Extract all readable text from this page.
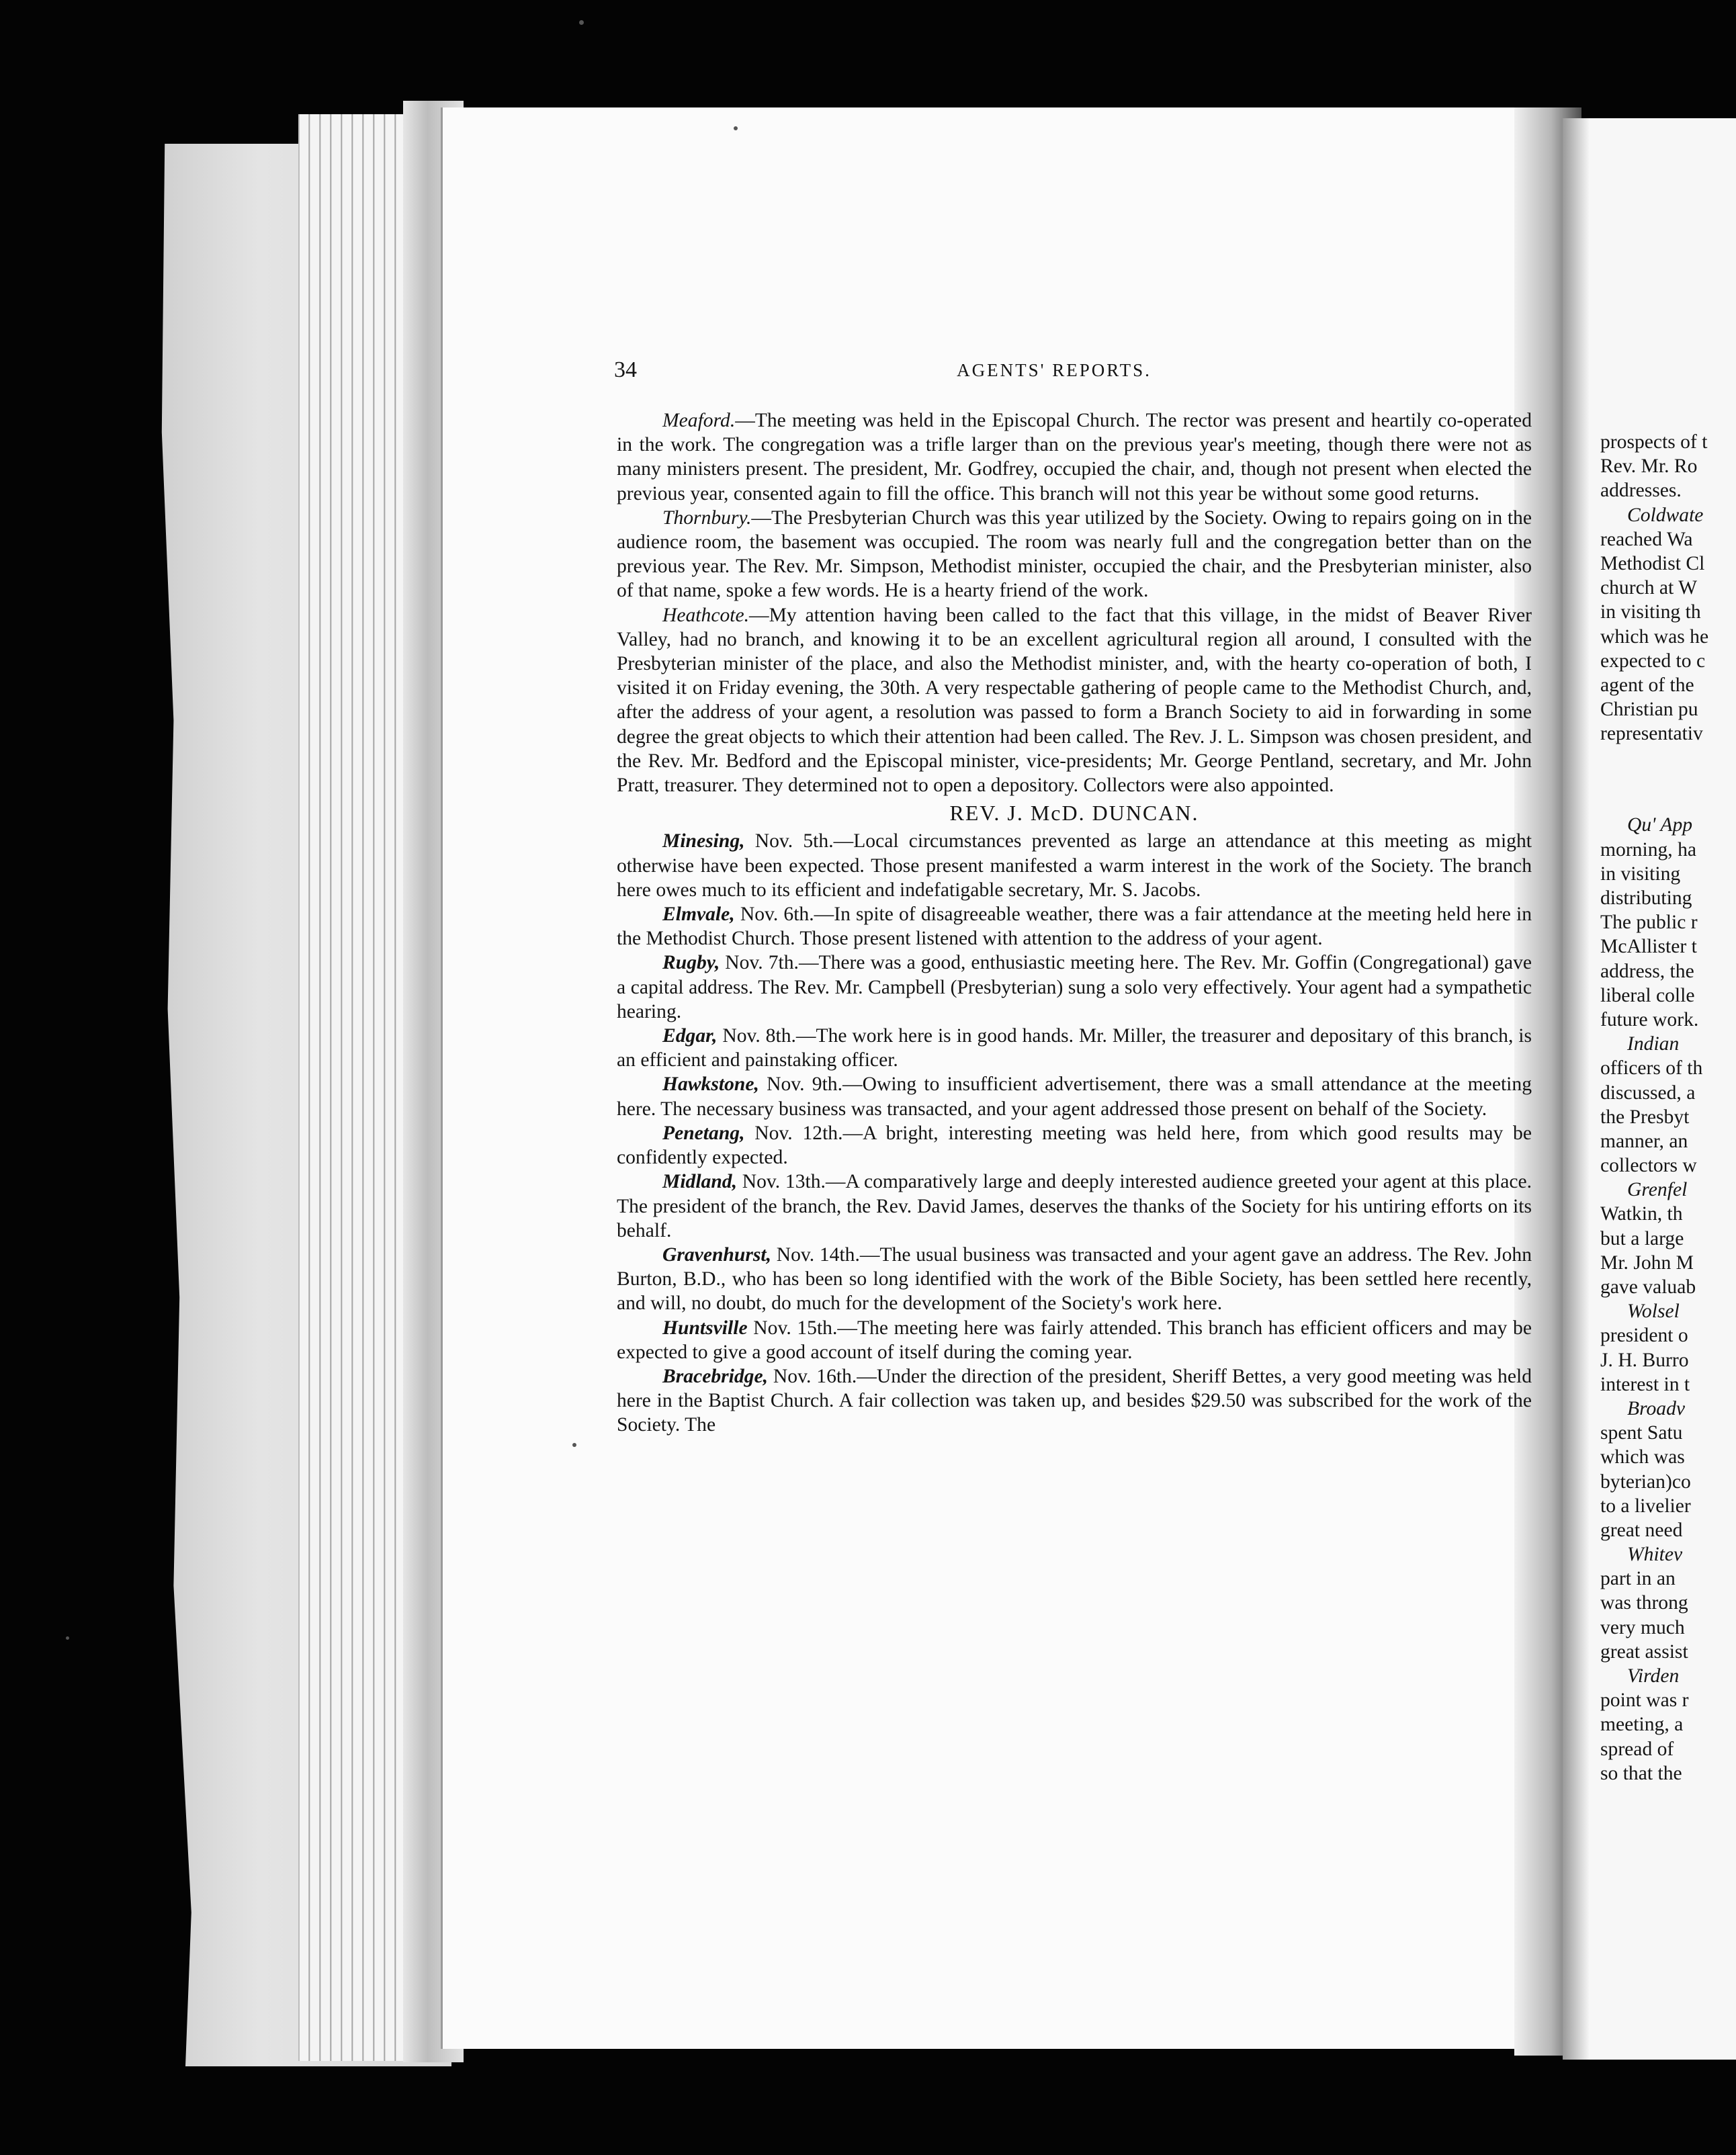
34	AGENTS' REPORTS.

Meaford.—The meeting was held in the Episcopal Church. The rector was present and heartily co-operated in the work. The congregation was a trifle larger than on the previous year's meeting, though there were not as many ministers present. The president, Mr. Godfrey, occupied the chair, and, though not present when elected the previous year, consented again to fill the office. This branch will not this year be without some good returns.

Thornbury.—The Presbyterian Church was this year utilized by the Society. Owing to repairs going on in the audience room, the basement was occupied. The room was nearly full and the congregation better than on the previous year. The Rev. Mr. Simpson, Methodist minister, occupied the chair, and the Presbyterian minister, also of that name, spoke a few words. He is a hearty friend of the work.

Heathcote.—My attention having been called to the fact that this village, in the midst of Beaver River Valley, had no branch, and knowing it to be an excellent agricultural region all around, I consulted with the Presbyterian minister of the place, and also the Methodist minister, and, with the hearty co-operation of both, I visited it on Friday evening, the 30th. A very respectable gathering of people came to the Methodist Church, and, after the address of your agent, a resolution was passed to form a Branch Society to aid in forwarding in some degree the great objects to which their attention had been called. The Rev. J. L. Simpson was chosen president, and the Rev. Mr. Bedford and the Episcopal minister, vice-presidents; Mr. George Pentland, secretary, and Mr. John Pratt, treasurer. They determined not to open a depository. Collectors were also appointed.

REV. J. McD. DUNCAN.

Minesing, Nov. 5th.—Local circumstances prevented as large an attendance at this meeting as might otherwise have been expected. Those present manifested a warm interest in the work of the Society. The branch here owes much to its efficient and indefatigable secretary, Mr. S. Jacobs.

Elmvale, Nov. 6th.—In spite of disagreeable weather, there was a fair attendance at the meeting held here in the Methodist Church. Those present listened with attention to the address of your agent.

Rugby, Nov. 7th.—There was a good, enthusiastic meeting here. The Rev. Mr. Goffin (Congregational) gave a capital address. The Rev. Mr. Campbell (Presbyterian) sung a solo very effectively. Your agent had a sympathetic hearing.

Edgar, Nov. 8th.—The work here is in good hands. Mr. Miller, the treasurer and depositary of this branch, is an efficient and painstaking officer.

Hawkstone, Nov. 9th.—Owing to insufficient advertisement, there was a small attendance at the meeting here. The necessary business was transacted, and your agent addressed those present on behalf of the Society.

Penetang, Nov. 12th.—A bright, interesting meeting was held here, from which good results may be confidently expected.

Midland, Nov. 13th.—A comparatively large and deeply interested audience greeted your agent at this place. The president of the branch, the Rev. David James, deserves the thanks of the Society for his untiring efforts on its behalf.

Gravenhurst, Nov. 14th.—The usual business was transacted and your agent gave an address. The Rev. John Burton, B.D., who has been so long identified with the work of the Bible Society, has been settled here recently, and will, no doubt, do much for the development of the Society's work here.

Huntsville Nov. 15th.—The meeting here was fairly attended. This branch has efficient officers and may be expected to give a good account of itself during the coming year.

Bracebridge, Nov. 16th.—Under the direction of the president, Sheriff Bettes, a very good meeting was held here in the Baptist Church. A fair collection was taken up, and besides $29.50 was subscribed for the work of the Society. The

prospects of t
Rev. Mr. Ro
addresses.
Coldwate
reached Wa
Methodist Cl
church at W
in visiting th
which was he
expected to c
agent of the
Christian pu
representativ
Qu' App
morning, ha
in visiting
distributing
The public r
McAllister t
address, the
liberal colle
future work.
Indian
officers of th
discussed, a
the Presbyt
manner, an
collectors w
Grenfel
Watkin, th
but a large
Mr. John M
gave valuab
Wolsel
president o
J. H. Burro
interest in t
Broadv
spent Satu
which was
byterian)co
to a livelier
great need
Whitev
part in an
was throng
very much
great assist
Virden
point was r
meeting, a
spread of
so that the
